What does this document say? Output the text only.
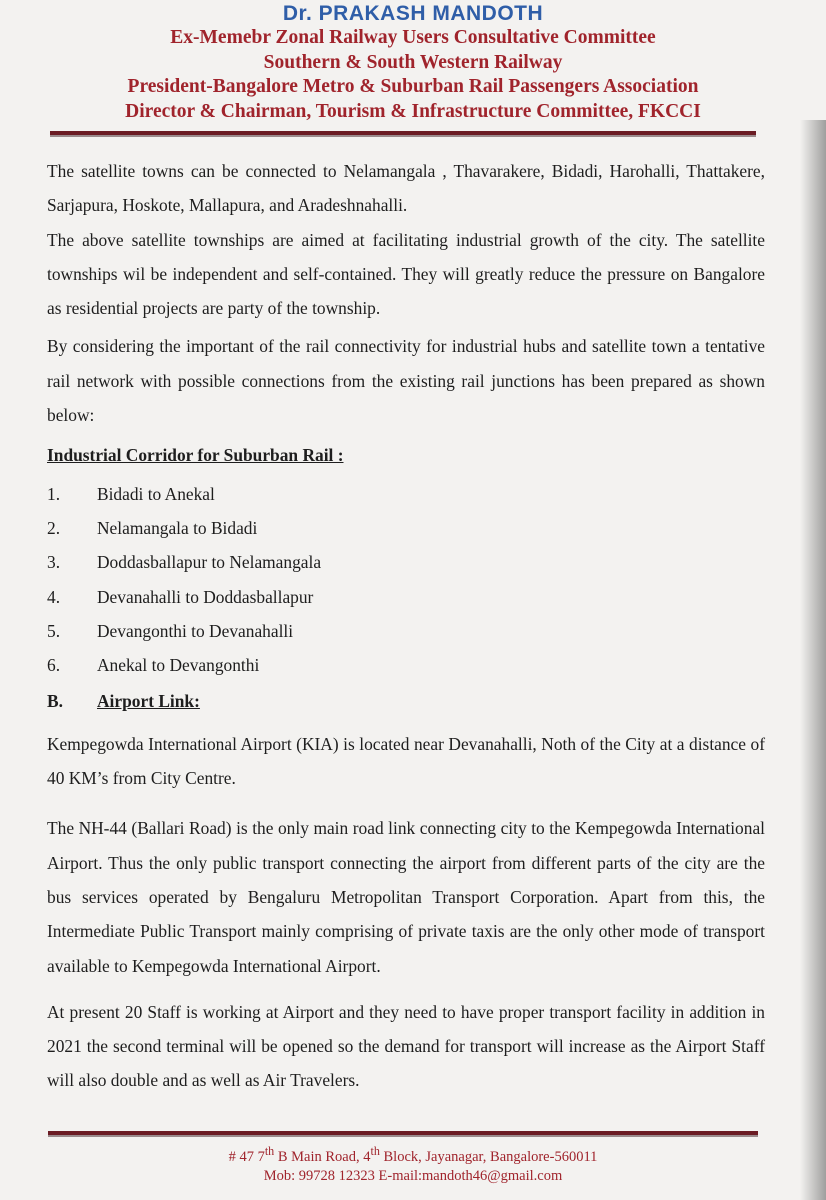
Dr. PRAKASH MANDOTH
Ex-Memebr Zonal Railway Users Consultative Committee
Southern & South Western Railway
President-Bangalore Metro & Suburban Rail Passengers Association
Director & Chairman, Tourism & Infrastructure Committee, FKCCI

The satellite towns can be connected to Nelamangala , Thavarakere, Bidadi, Harohalli, Thattakere, Sarjapura, Hoskote, Mallapura, and Aradeshnahalli.

The above satellite townships are aimed at facilitating industrial growth of the city. The satellite townships wil be independent and self-contained. They will greatly reduce the pressure on Bangalore as residential projects are party of the township.

By considering the important of the rail connectivity for industrial hubs and satellite town a tentative rail network with possible connections from the existing rail junctions has been prepared as shown below:

Industrial Corridor for Suburban Rail :

1.	Bidadi to Anekal
2.	Nelamangala to Bidadi
3.	Doddasballapur to Nelamangala
4.	Devanahalli to Doddasballapur
5.	Devangonthi to Devanahalli
6.	Anekal to Devangonthi
B.	Airport Link:

Kempegowda International Airport (KIA) is located near Devanahalli, Noth of the City at a distance of 40 KM’s from City Centre.

The NH-44 (Ballari Road) is the only main road link connecting city to the Kempegowda International Airport. Thus the only public transport connecting the airport from different parts of the city are the bus services operated by Bengaluru Metropolitan Transport Corporation. Apart from this, the Intermediate Public Transport mainly comprising of private taxis are the only other mode of transport available to Kempegowda International Airport.

At present 20 Staff is working at Airport and they need to have proper transport facility in addition in 2021 the second terminal will be opened so the demand for transport will increase as the Airport Staff will also double and as well as Air Travelers.

# 47 7th B Main Road, 4th Block, Jayanagar, Bangalore-560011
Mob: 99728 12323 E-mail:mandoth46@gmail.com
